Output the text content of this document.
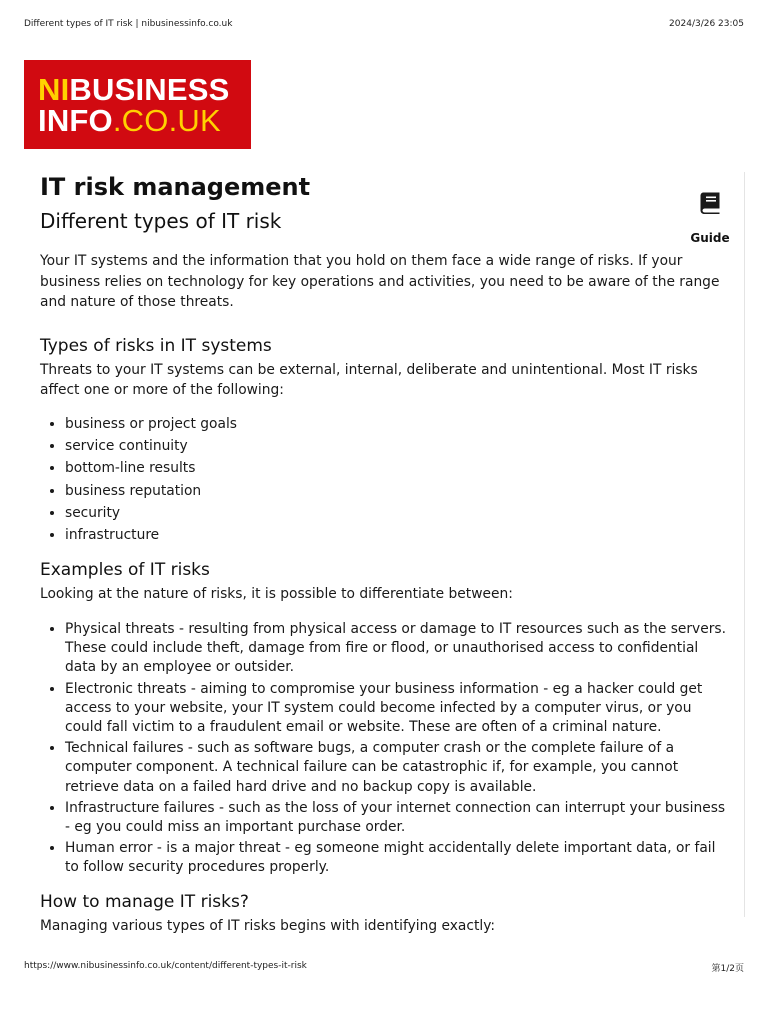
Different types of IT risk | nibusinessinfo.co.uk	2024/3/26 23:05
NIBUSINESS
INFO.CO.UK
Guide
IT risk management
Different types of IT risk

Your IT systems and the information that you hold on them face a wide range of risks. If your business relies on technology for key operations and activities, you need to be aware of the range and nature of those threats.

Types of risks in IT systems

Threats to your IT systems can be external, internal, deliberate and unintentional. Most IT risks affect one or more of the following:

• business or project goals
• service continuity
• bottom-line results
• business reputation
• security
• infrastructure
Examples of IT risks

Looking at the nature of risks, it is possible to differentiate between:

• Physical threats - resulting from physical access or damage to IT resources such as the servers. These could include theft, damage from fire or flood, or unauthorised access to confidential data by an employee or outsider.
• Electronic threats - aiming to compromise your business information - eg a hacker could get access to your website, your IT system could become infected by a computer virus, or you could fall victim to a fraudulent email or website. These are often of a criminal nature.
• Technical failures - such as software bugs, a computer crash or the complete failure of a computer component. A technical failure can be catastrophic if, for example, you cannot retrieve data on a failed hard drive and no backup copy is available.
• Infrastructure failures - such as the loss of your internet connection can interrupt your business - eg you could miss an important purchase order.
• Human error - is a major threat - eg someone might accidentally delete important data, or fail to follow security procedures properly.
How to manage IT risks?

Managing various types of IT risks begins with identifying exactly:

https://www.nibusinessinfo.co.uk/content/different-types-it-risk	第1/2页
